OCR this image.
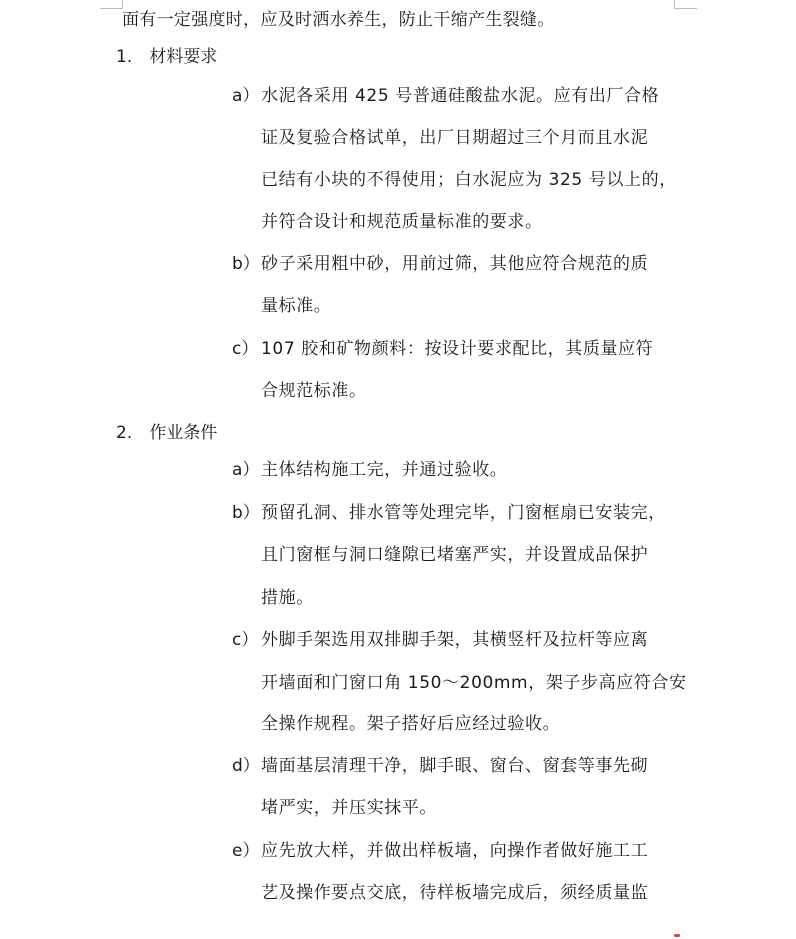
面有一定强度时，应及时洒水养生，防止干缩产生裂缝。
1. 材料要求
a） 水泥各采用 425 号普通硅酸盐水泥。应有出厂合格
证及复验合格试单，出厂日期超过三个月而且水泥
已结有小块的不得使用；白水泥应为 325 号以上的，
并符合设计和规范质量标准的要求。
b） 砂子采用粗中砂，用前过筛，其他应符合规范的质
量标准。
c） 107 胶和矿物颜料：按设计要求配比，其质量应符
合规范标准。
2. 作业条件
a） 主体结构施工完，并通过验收。
b） 预留孔洞、排水管等处理完毕，门窗框扇已安装完，
且门窗框与洞口缝隙已堵塞严实，并设置成品保护
措施。
c） 外脚手架选用双排脚手架，其横竖杆及拉杆等应离
开墙面和门窗口角 150～200mm，架子步高应符合安
全操作规程。架子搭好后应经过验收。
d） 墙面基层清理干净，脚手眼、窗台、窗套等事先砌
堵严实，并压实抹平。
e） 应先放大样，并做出样板墙，向操作者做好施工工
艺及操作要点交底，待样板墙完成后，须经质量监
